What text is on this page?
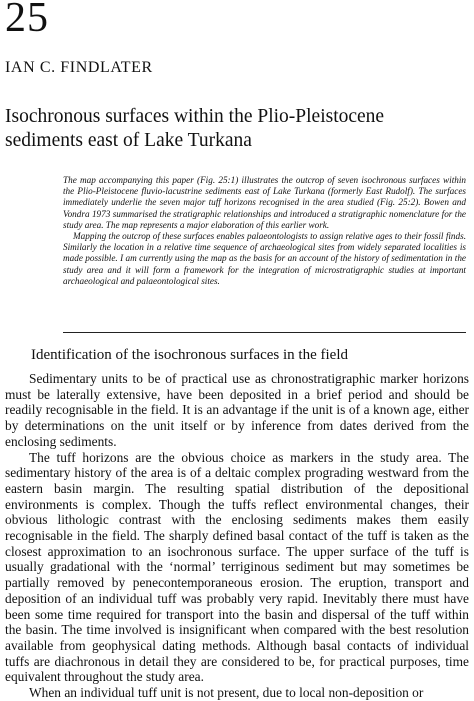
25
IAN C. FINDLATER
Isochronous surfaces within the Plio-Pleistocene sediments east of Lake Turkana

The map accompanying this paper (Fig. 25:1) illustrates the outcrop of seven isochronous surfaces within the Plio-Pleistocene fluvio-lacustrine sediments east of Lake Turkana (formerly East Rudolf). The surfaces immediately underlie the seven major tuff horizons recognised in the area studied (Fig. 25:2). Bowen and Vondra 1973 summarised the stratigraphic relationships and introduced a stratigraphic nomenclature for the study area. The map represents a major elaboration of this earlier work.

Mapping the outcrop of these surfaces enables palaeontologists to assign relative ages to their fossil finds. Similarly the location in a relative time sequence of archaeological sites from widely separated localities is made possible. I am currently using the map as the basis for an account of the history of sedimentation in the study area and it will form a framework for the integration of microstratigraphic studies at important archaeological and palaeontological sites.

Identification of the isochronous surfaces in the field

Sedimentary units to be of practical use as chronostratigraphic marker horizons must be laterally extensive, have been deposited in a brief period and should be readily recognisable in the field. It is an advantage if the unit is of a known age, either by determinations on the unit itself or by inference from dates derived from the enclosing sediments.

The tuff horizons are the obvious choice as markers in the study area. The sedimentary history of the area is of a deltaic complex prograding westward from the eastern basin margin. The resulting spatial distribution of the depositional environments is complex. Though the tuffs reflect environmental changes, their obvious lithologic contrast with the enclosing sediments makes them easily recognisable in the field. The sharply defined basal contact of the tuff is taken as the closest approximation to an isochronous surface. The upper surface of the tuff is usually gradational with the ‘normal’ terriginous sediment but may sometimes be partially removed by penecontemporaneous erosion. The eruption, transport and deposition of an individual tuff was probably very rapid. Inevitably there must have been some time required for transport into the basin and dispersal of the tuff within the basin. The time involved is insignificant when compared with the best resolution available from geophysical dating methods. Although basal contacts of individual tuffs are diachronous in detail they are considered to be, for practical purposes, time equivalent throughout the study area.

When an individual tuff unit is not present, due to local non-deposition or
